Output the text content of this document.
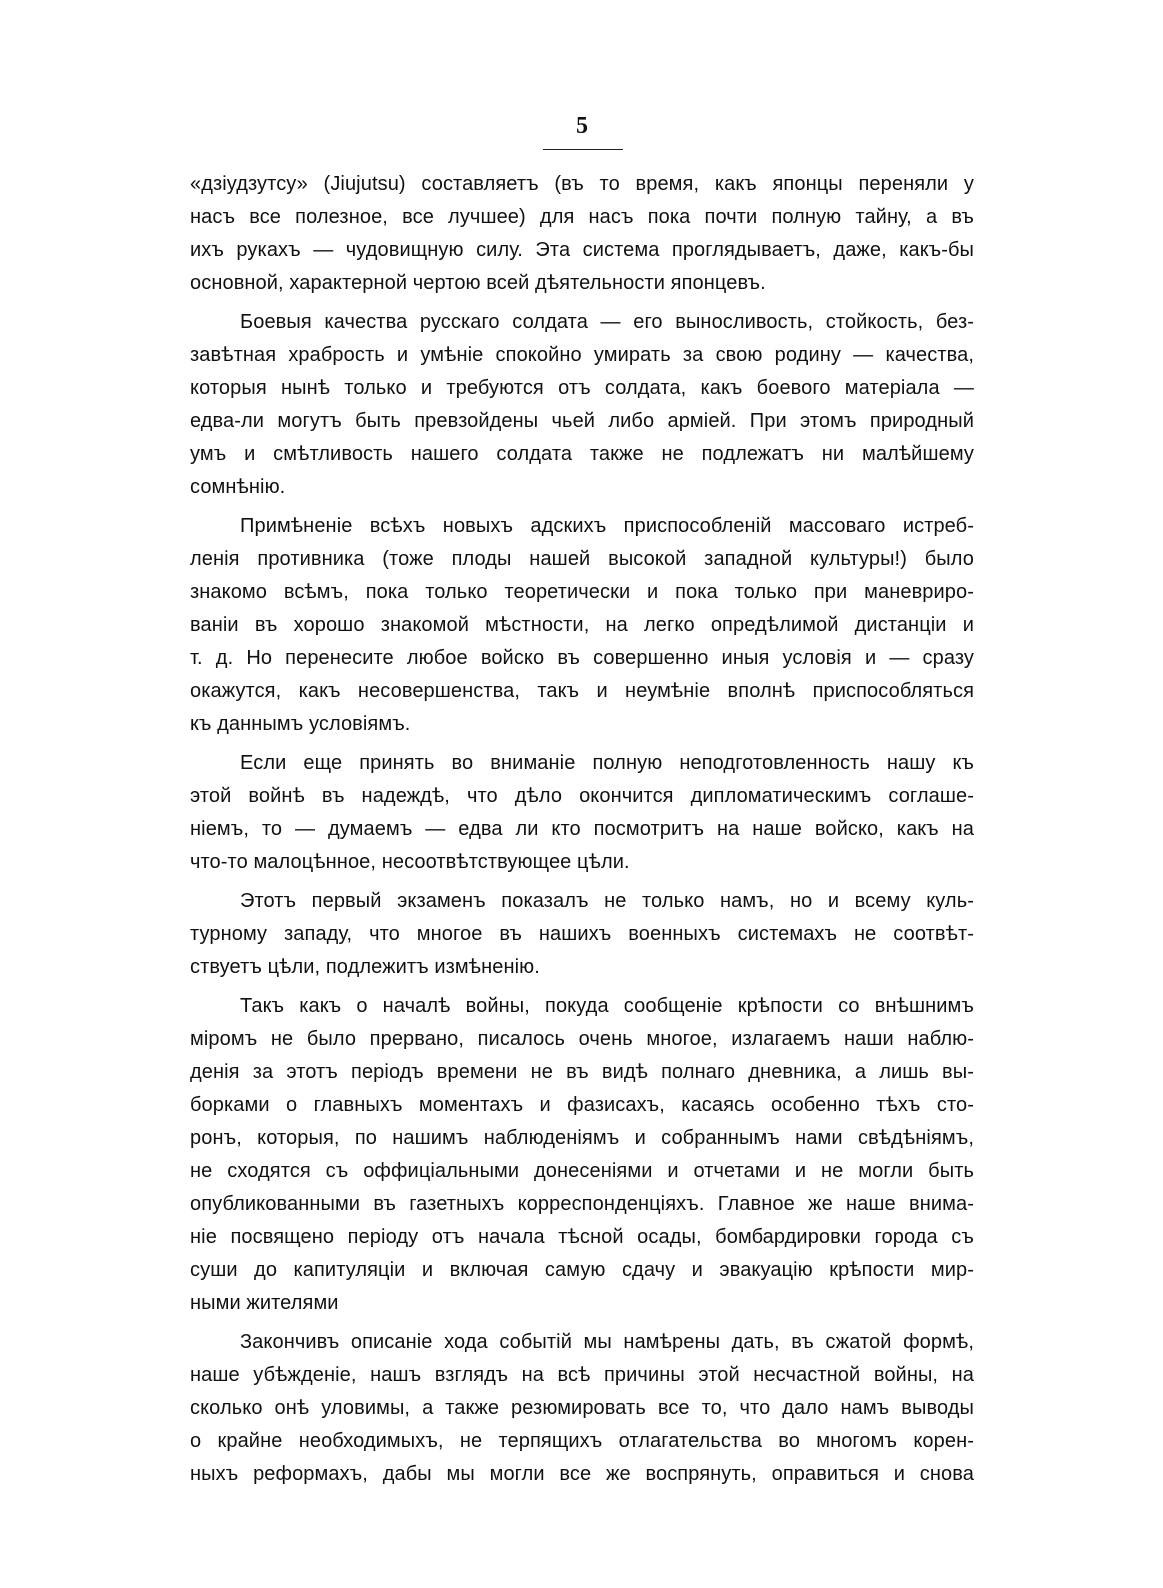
5
«дзіудзутсу» (Jiujutsu) составляетъ (въ то время, какъ японцы переняли у
насъ все полезное, все лучшее) для насъ пока почти полную тайну, а въ
ихъ рукахъ — чудовищную силу. Эта система проглядываетъ, даже, какъ-бы
основной, характерной чертою всей дѣятельности японцевъ.
Боевыя качества русскаго солдата — его выносливость, стойкость, без-
завѣтная храбрость и умѣніе спокойно умирать за свою родину — качества,
которыя нынѣ только и требуются отъ солдата, какъ боевого матеріала —
едва-ли могутъ быть превзойдены чьей либо арміей. При этомъ природный
умъ и смѣтливость нашего солдата также не подлежатъ ни малѣйшему
сомнѣнію.
Примѣненіе всѣхъ новыхъ адскихъ приспособленій массоваго истреб-
ленія противника (тоже плоды нашей высокой западной культуры!) было
знакомо всѣмъ, пока только теоретически и пока только при маневриро-
ваніи въ хорошо знакомой мѣстности, на легко опредѣлимой дистанціи и
т. д. Но перенесите любое войско въ совершенно иныя условія и — сразу
окажутся, какъ несовершенства, такъ и неумѣніе вполнѣ приспособляться
къ даннымъ условіямъ.
Если еще принять во вниманіе полную неподготовленность нашу къ
этой войнѣ въ надеждѣ, что дѣло окончится дипломатическимъ соглаше-
ніемъ, то — думаемъ — едва ли кто посмотритъ на наше войско, какъ на
что-то малоцѣнное, несоотвѣтствующее цѣли.
Этотъ первый экзаменъ показалъ не только намъ, но и всему куль-
турному западу, что многое въ нашихъ военныхъ системахъ не соотвѣт-
ствуетъ цѣли, подлежитъ измѣненію.
Такъ какъ о началѣ войны, покуда сообщеніе крѣпости со внѣшнимъ
міромъ не было прервано, писалось очень многое, излагаемъ наши наблю-
денія за этотъ періодъ времени не въ видѣ полнаго дневника, а лишь вы-
борками о главныхъ моментахъ и фазисахъ, касаясь особенно тѣхъ сто-
ронъ, которыя, по нашимъ наблюденіямъ и собраннымъ нами свѣдѣніямъ,
не сходятся съ оффиціальными донесеніями и отчетами и не могли быть
опубликованными въ газетныхъ корреспонденціяхъ. Главное же наше внима-
ніе посвящено періоду отъ начала тѣсной осады, бомбардировки города съ
суши до капитуляціи и включая самую сдачу и эвакуацію крѣпости мир-
ными жителями
Закончивъ описаніе хода событій мы намѣрены дать, въ сжатой формѣ,
наше убѣжденіе, нашъ взглядъ на всѣ причины этой несчастной войны, на
сколько онѣ уловимы, а также резюмировать все то, что дало намъ выводы
о крайне необходимыхъ, не терпящихъ отлагательства во многомъ корен-
ныхъ реформахъ, дабы мы могли все же воспрянуть, оправиться и снова
